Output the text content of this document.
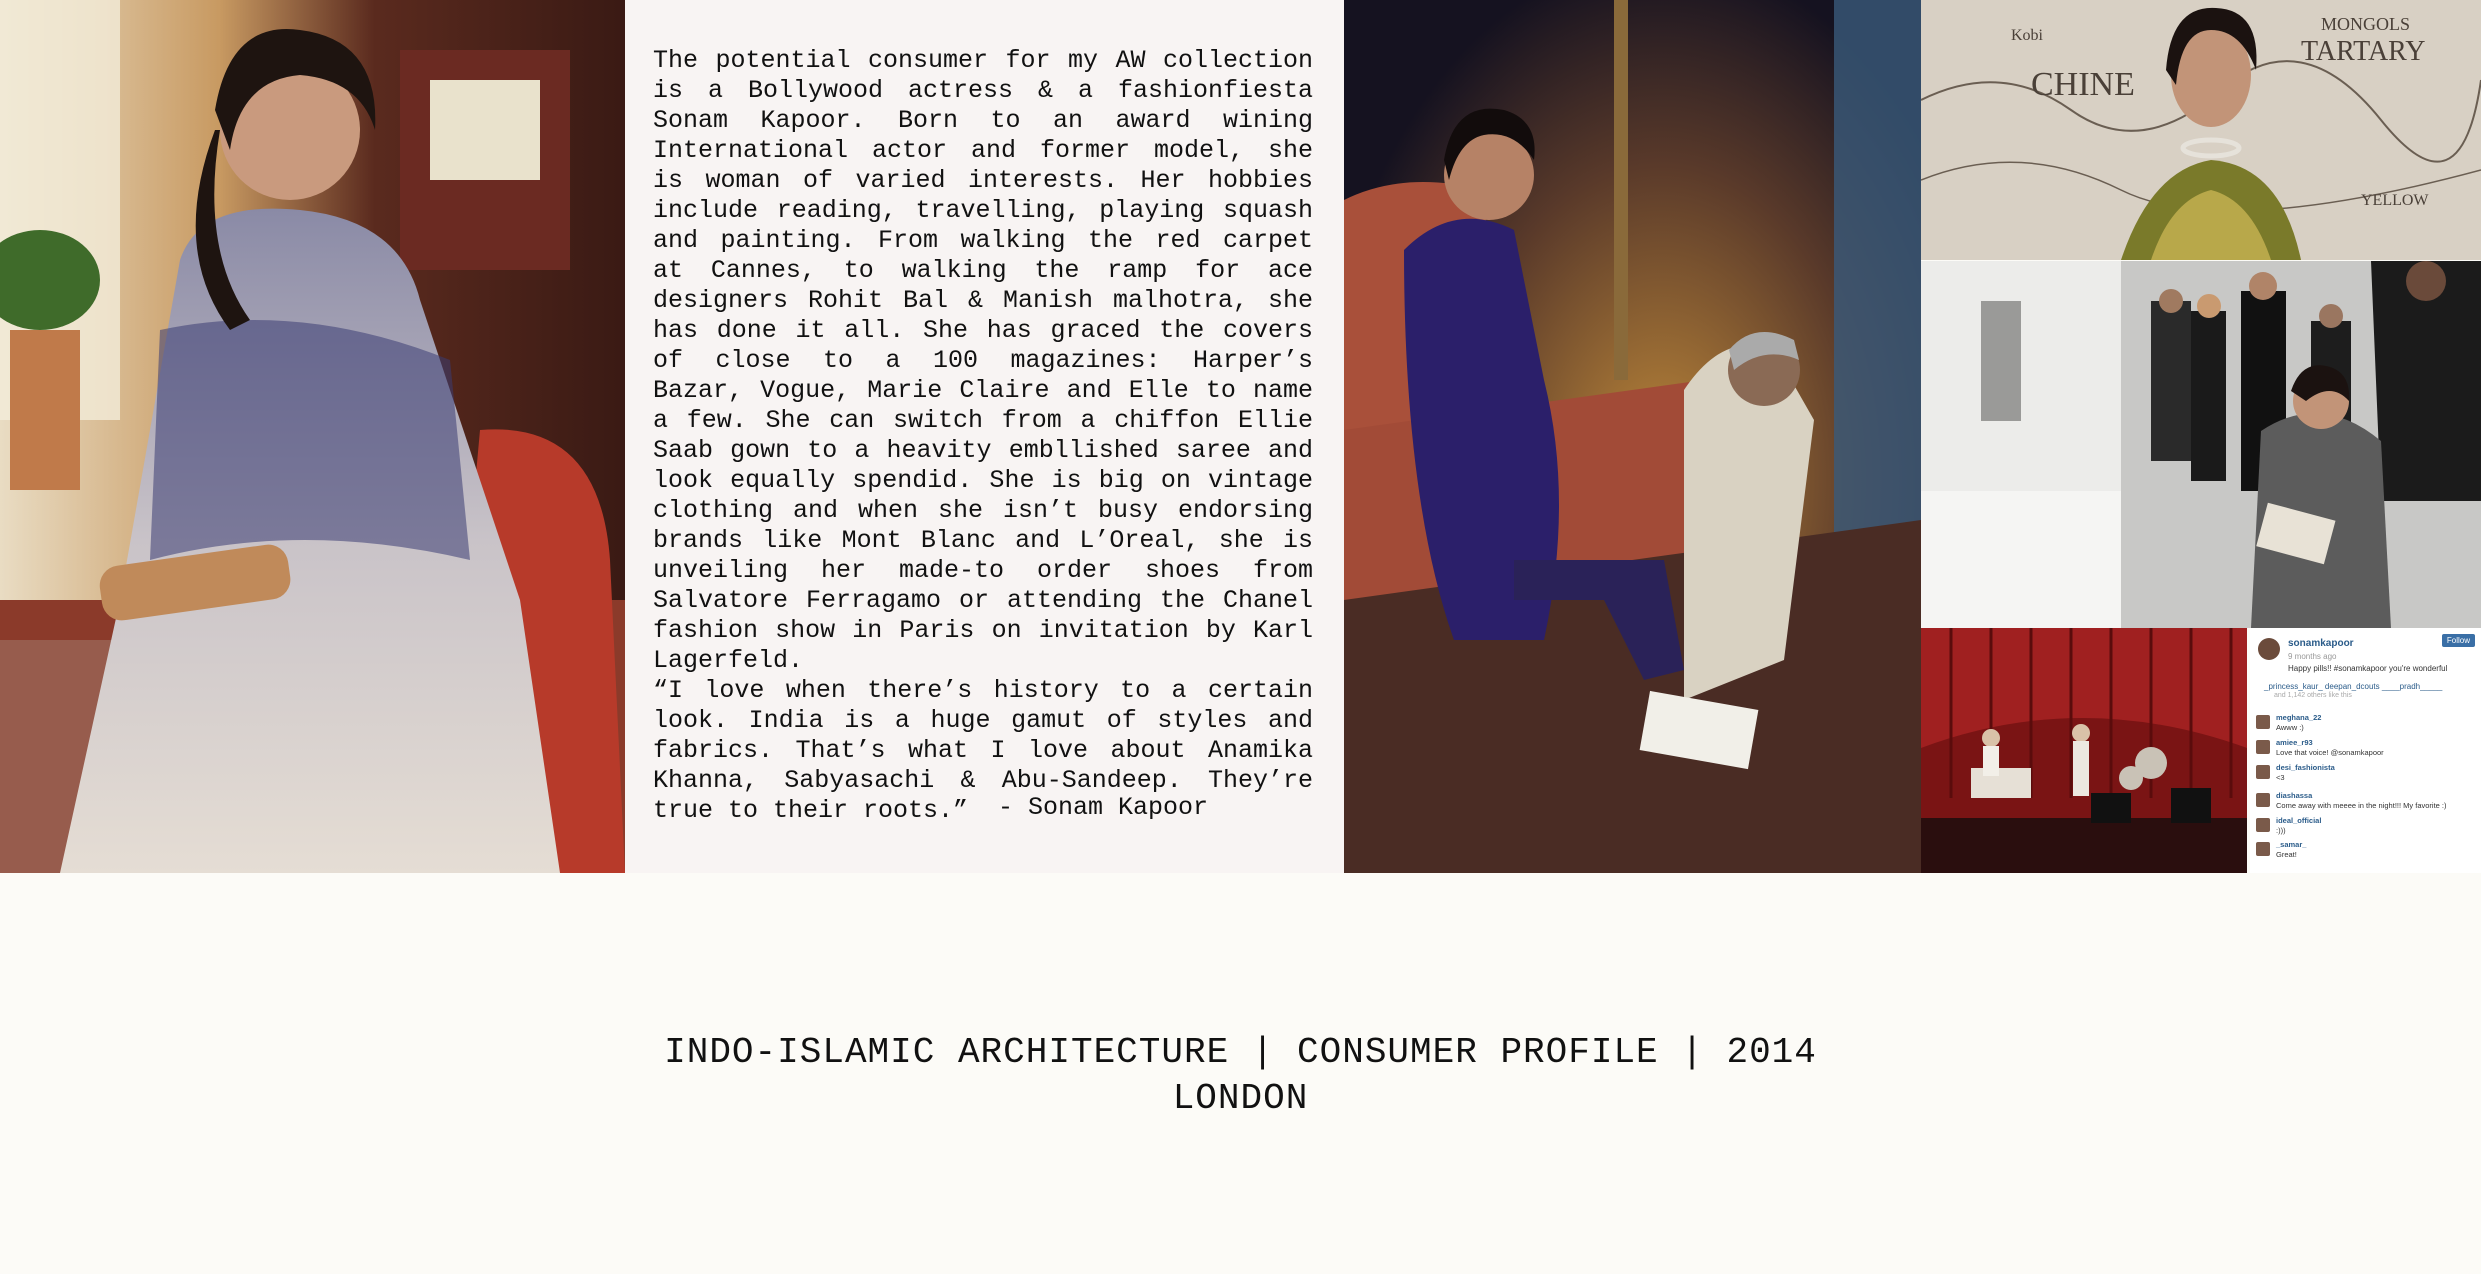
The potential consumer for my AW collection is a Bollywood actress & a fashionfiesta Sonam Kapoor. Born to an award wining International actor and former model, she is woman of varied interests. Her hobbies include reading, travelling, playing squash and painting. From walking the red carpet at Cannes, to walking the ramp for ace designers Rohit Bal & Manish malhotra, she has done it all. She has graced the covers of close to a 100 magazines: Harper’s Bazar, Vogue, Marie Claire and Elle to name a few. She can switch from a chiffon Ellie Saab gown to a heavity embllished saree and look equally spendid. She is big on vintage clothing and when she isn’t busy endorsing brands like Mont Blanc and L’Oreal, she is unveiling her made-to order shoes from Salvatore Ferragamo or attending the Chanel fashion show in Paris on invitation by Karl Lagerfeld.

“I love when there’s history to a certain look. India is a huge gamut of styles and fabrics. That’s what I love about Anamika Khanna, Sabyasachi & Abu-Sandeep. They’re true to their roots.”	- Sonam Kapoor
CHINE
TARTARY
MONGOLS
Kobi
YELLOW
sonamkapoor
9 months ago
Happy pills!! #sonamkapoor you're wonderful
Follow
_princess_kaur_ deepan_dcouts ____pradh_____
and 1,142 others like this
meghana_22
Awww :)
amiee_r93
Love that voice! @sonamkapoor
desi_fashionista
<3
diashassa
Come away with meeee in the night!!! My favorite :)
ideal_official
:)))
_samar_
Great!
INDO-ISLAMIC ARCHITECTURE | CONSUMER PROFILE | 2014
LONDON
